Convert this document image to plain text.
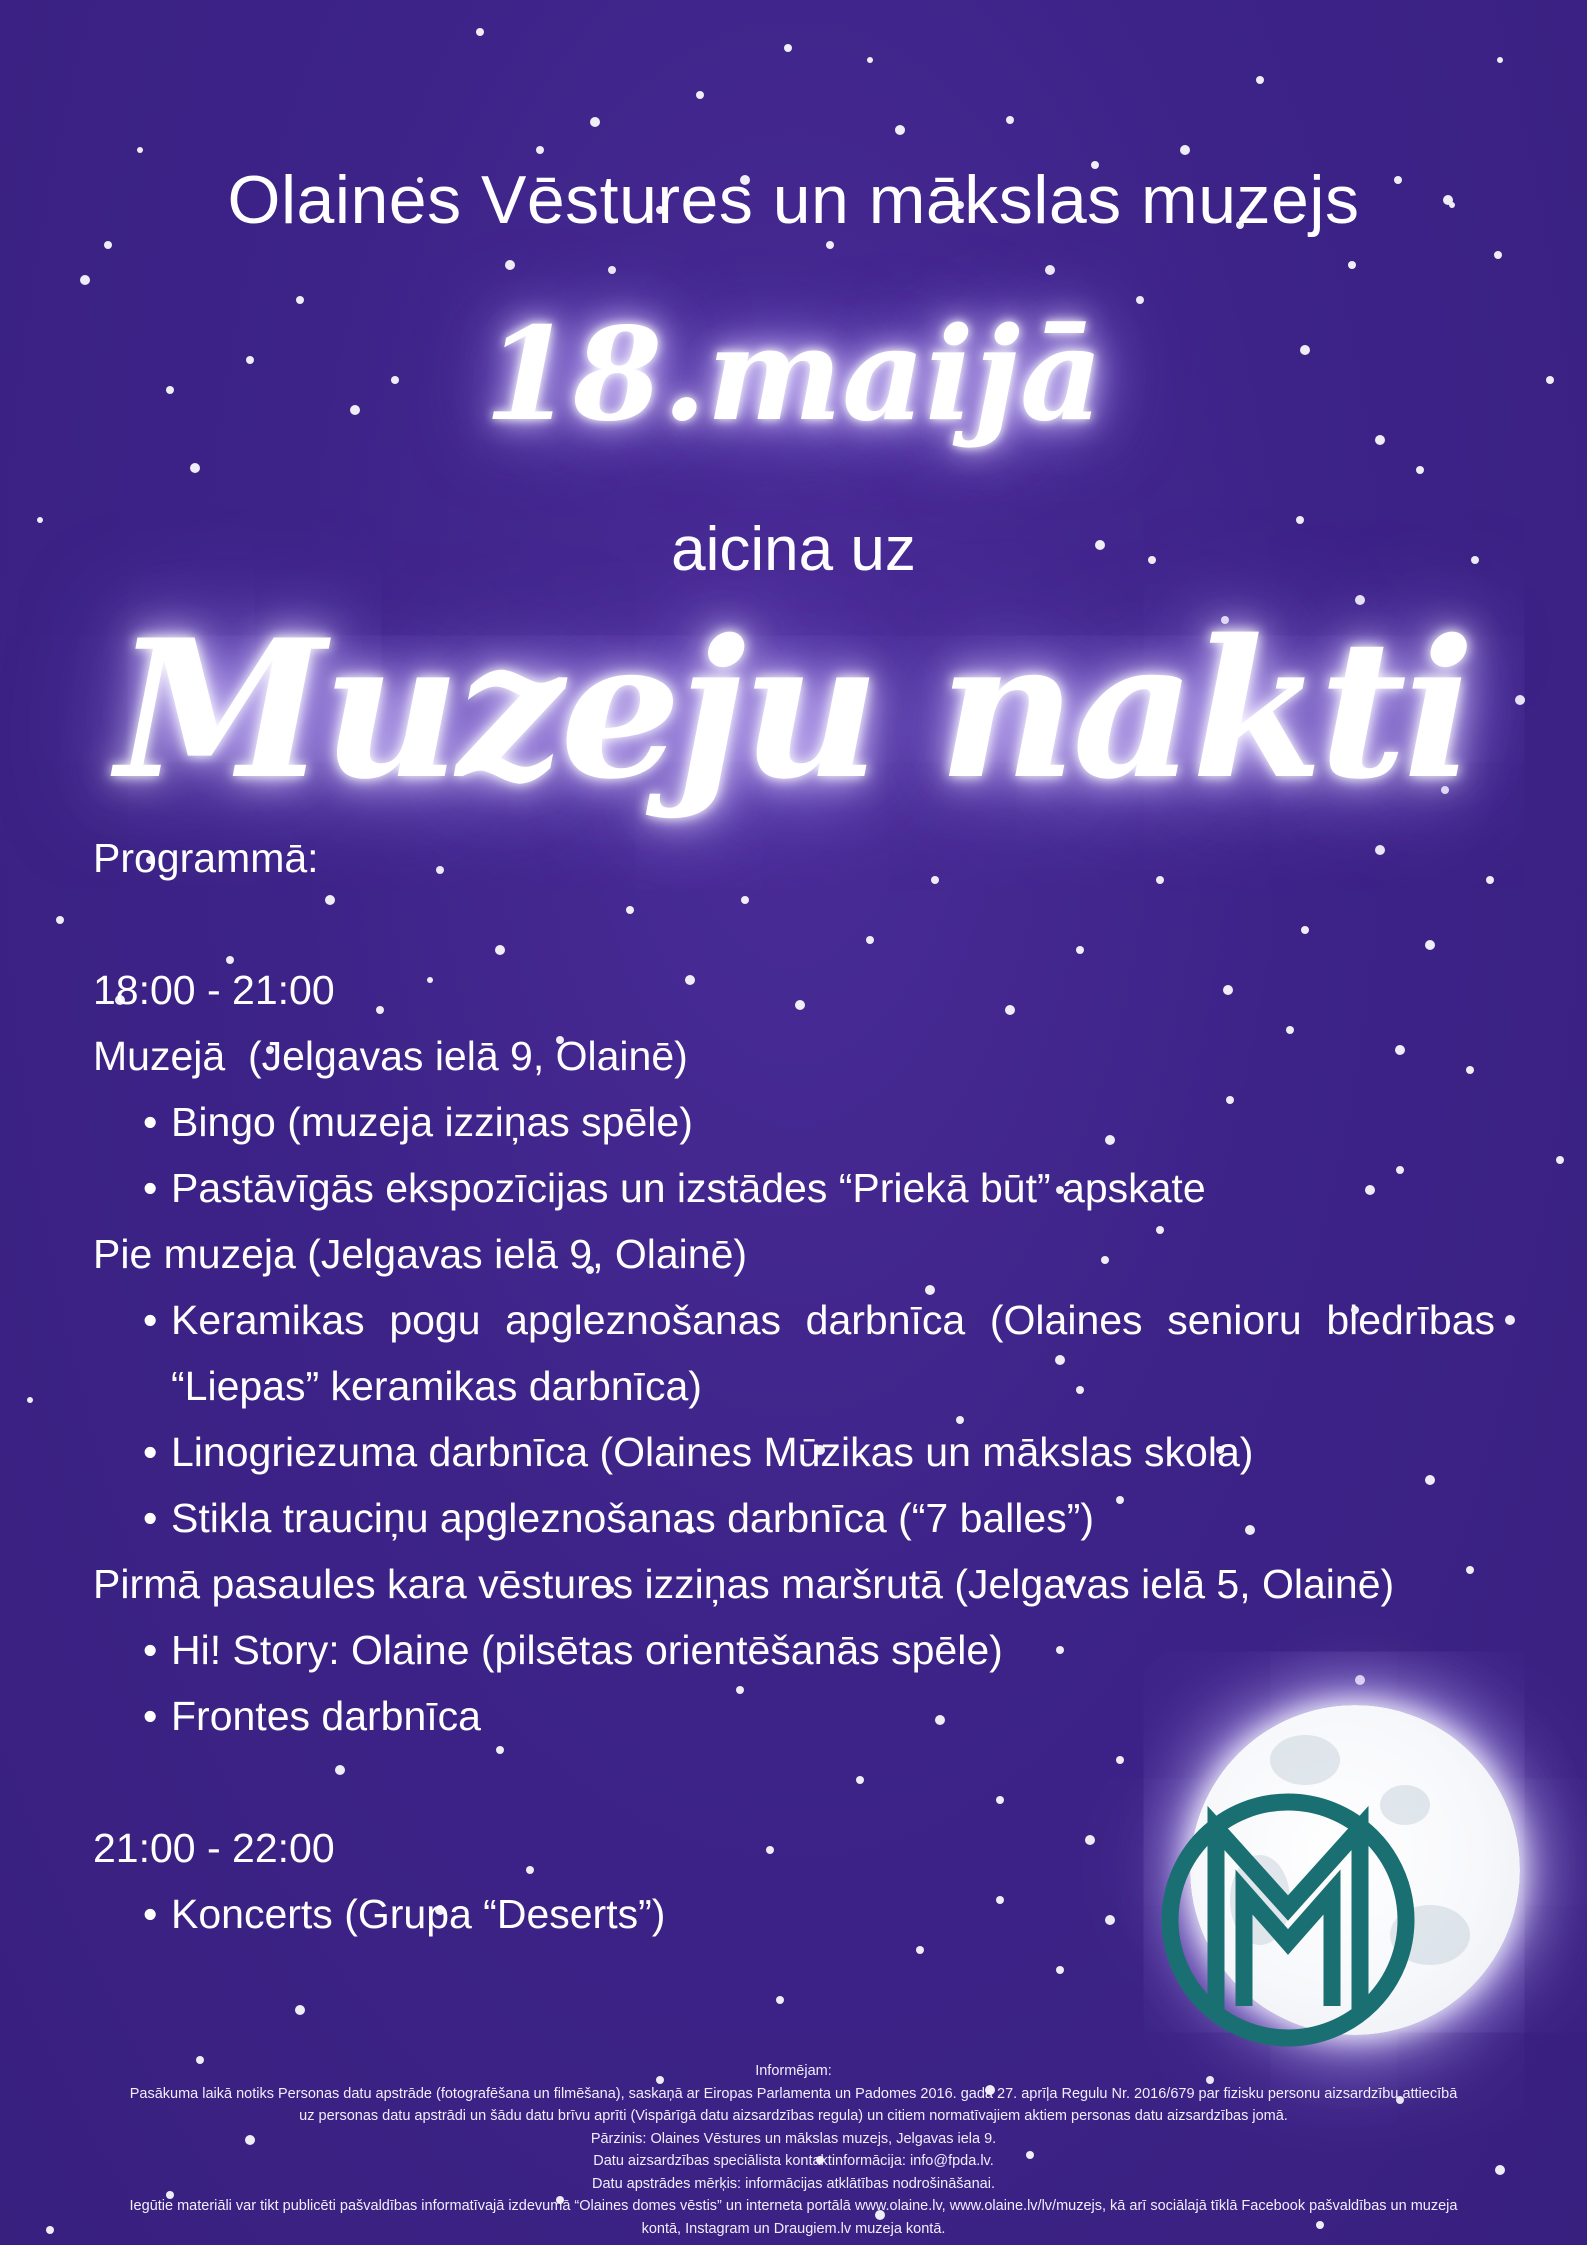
Olaines Vēstures un mākslas muzejs
18.maijā
aicina uz
Muzeju nakti
Programmā:
18:00 - 21:00
Muzejā  (Jelgavas ielā 9, Olainē)
• Bingo (muzeja izziņas spēle)
• Pastāvīgās ekspozīcijas un izstādes “Priekā būt” apskate
Pie muzeja (Jelgavas ielā 9, Olainē)
• Keramikas pogu apgleznošanas darbnīca (Olaines senioru biedrības “Liepas” keramikas darbnīca)
• Linogriezuma darbnīca (Olaines Mūzikas un mākslas skola)
• Stikla trauciņu apgleznošanas darbnīca (“7 balles”)
Pirmā pasaules kara vēstures izziņas maršrutā (Jelgavas ielā 5, Olainē)
• Hi! Story: Olaine (pilsētas orientēšanās spēle)
• Frontes darbnīca
21:00 - 22:00
• Koncerts (Grupa “Deserts”)
Informējam:
Pasākuma laikā notiks Personas datu apstrāde (fotografēšana un filmēšana), saskaņā ar Eiropas Parlamenta un Padomes 2016. gada 27. aprīļa Regulu Nr. 2016/679 par fizisku personu aizsardzību attiecībā
uz personas datu apstrādi un šādu datu brīvu aprīti (Vispārīgā datu aizsardzības regula) un citiem normatīvajiem aktiem personas datu aizsardzības jomā.
Pārzinis: Olaines Vēstures un mākslas muzejs, Jelgavas iela 9.
Datu aizsardzības speciālista kontaktinformācija: info@fpda.lv.
Datu apstrādes mērķis: informācijas atklātības nodrošināšanai.
Iegūtie materiāli var tikt publicēti pašvaldības informatīvajā izdevumā “Olaines domes vēstis” un interneta portālā www.olaine.lv, www.olaine.lv/lv/muzejs, kā arī sociālajā tīklā Facebook pašvaldības un muzeja
kontā, Instagram un Draugiem.lv muzeja kontā.
